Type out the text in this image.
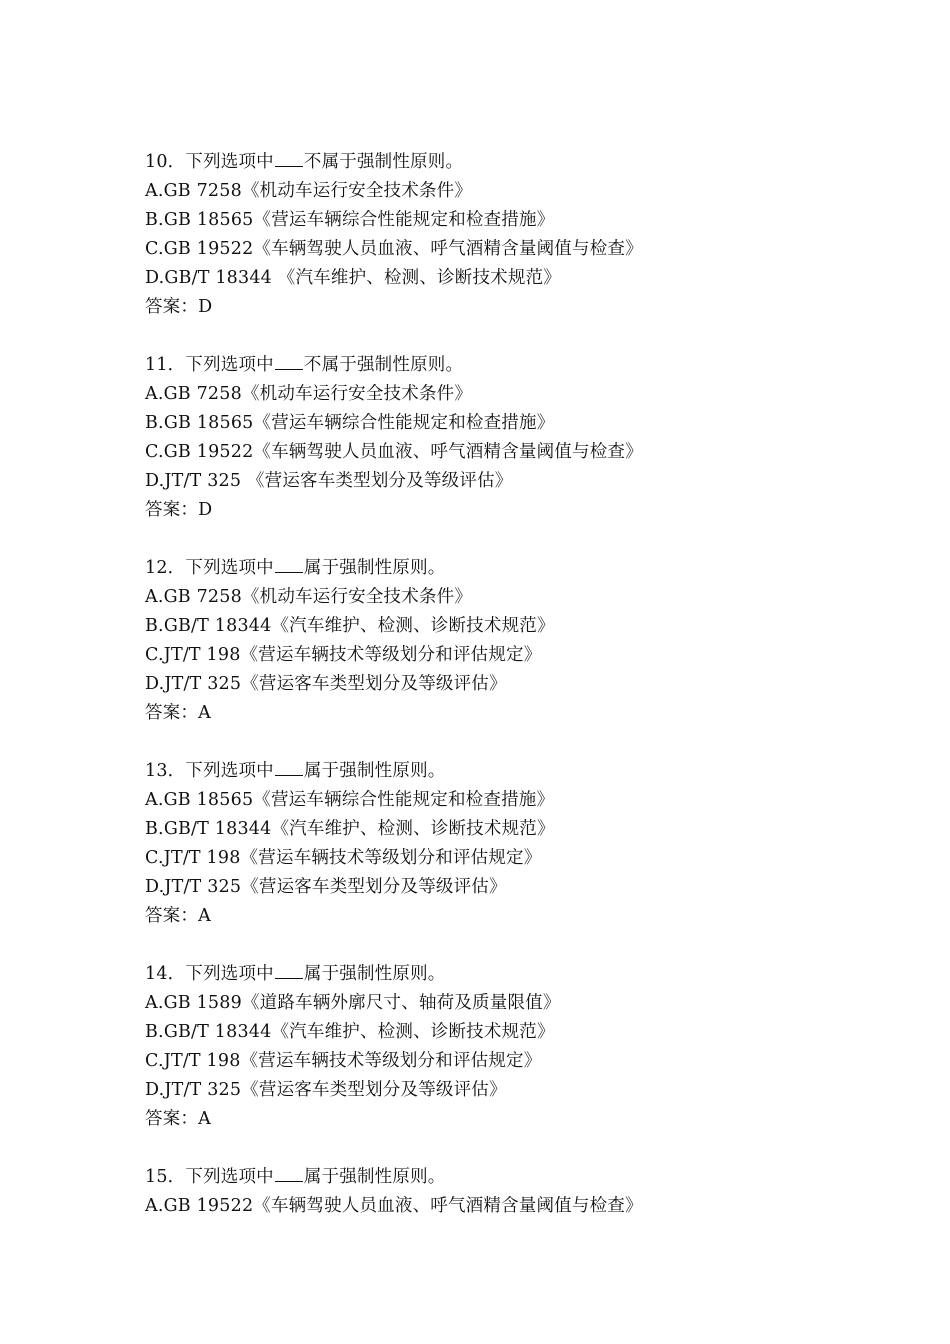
10．下列选项中 不属于强制性原则。
A.GB 7258《机动车运行安全技术条件》
B.GB 18565《营运车辆综合性能规定和检查措施》
C.GB 19522《车辆驾驶人员血液、呼气酒精含量阈值与检查》
D.GB/T 18344 《汽车维护、检测、诊断技术规范》
答案：D
11．下列选项中 不属于强制性原则。
A.GB 7258《机动车运行安全技术条件》
B.GB 18565《营运车辆综合性能规定和检查措施》
C.GB 19522《车辆驾驶人员血液、呼气酒精含量阈值与检查》
D.JT/T 325 《营运客车类型划分及等级评估》
答案：D
12．下列选项中 属于强制性原则。
A.GB 7258《机动车运行安全技术条件》
B.GB/T 18344《汽车维护、检测、诊断技术规范》
C.JT/T 198《营运车辆技术等级划分和评估规定》
D.JT/T 325《营运客车类型划分及等级评估》
答案：A
13．下列选项中 属于强制性原则。
A.GB 18565《营运车辆综合性能规定和检查措施》
B.GB/T 18344《汽车维护、检测、诊断技术规范》
C.JT/T 198《营运车辆技术等级划分和评估规定》
D.JT/T 325《营运客车类型划分及等级评估》
答案：A
14．下列选项中 属于强制性原则。
A.GB 1589《道路车辆外廓尺寸、轴荷及质量限值》
B.GB/T 18344《汽车维护、检测、诊断技术规范》
C.JT/T 198《营运车辆技术等级划分和评估规定》
D.JT/T 325《营运客车类型划分及等级评估》
答案：A
15．下列选项中 属于强制性原则。
A.GB 19522《车辆驾驶人员血液、呼气酒精含量阈值与检查》
